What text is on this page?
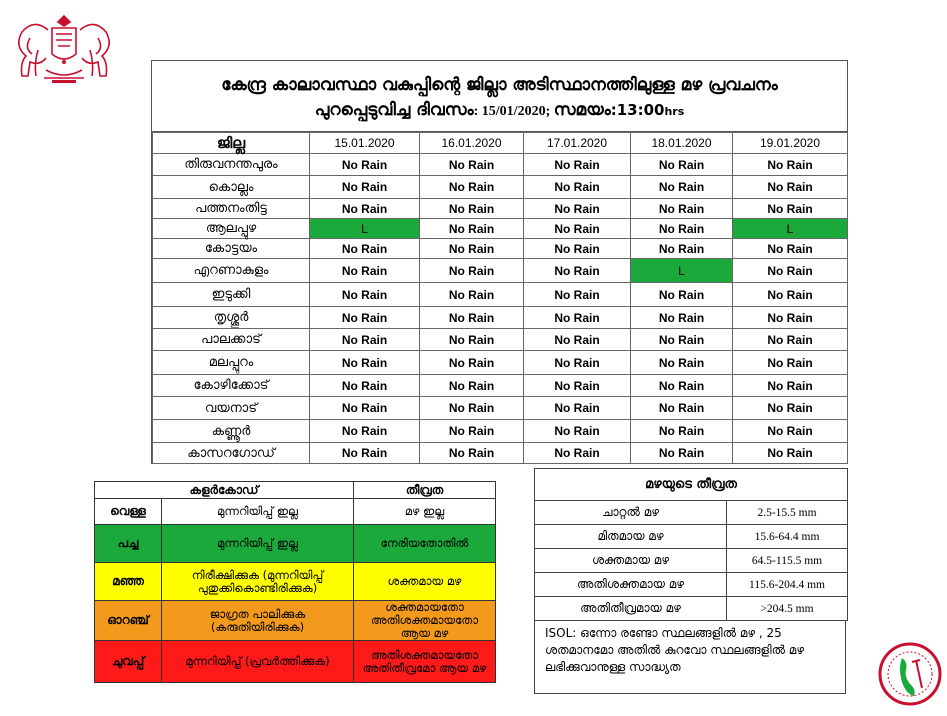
കേന്ദ്ര കാലാവസ്ഥാ വകുപ്പിന്റെ ജില്ലാ അടിസ്ഥാനത്തിലുള്ള മഴ പ്രവചനം
പുറപ്പെടുവിച്ച ദിവസം: 15/01/2020; സമയം:13:00hrs
ജില്ല	15.01.2020	16.01.2020	17.01.2020	18.01.2020	19.01.2020
തിരുവനന്തപുരം	No Rain	No Rain	No Rain	No Rain	No Rain
കൊല്ലം	No Rain	No Rain	No Rain	No Rain	No Rain
പത്തനംതിട്ട	No Rain	No Rain	No Rain	No Rain	No Rain
ആലപ്പുഴ	L	No Rain	No Rain	No Rain	L
കോട്ടയം	No Rain	No Rain	No Rain	No Rain	No Rain
എറണാകുളം	No Rain	No Rain	No Rain	L	No Rain
ഇടുക്കി	No Rain	No Rain	No Rain	No Rain	No Rain
തൃശ്ശൂർ	No Rain	No Rain	No Rain	No Rain	No Rain
പാലക്കാട്	No Rain	No Rain	No Rain	No Rain	No Rain
മലപ്പുറം	No Rain	No Rain	No Rain	No Rain	No Rain
കോഴിക്കോട്	No Rain	No Rain	No Rain	No Rain	No Rain
വയനാട്	No Rain	No Rain	No Rain	No Rain	No Rain
കണ്ണൂർ	No Rain	No Rain	No Rain	No Rain	No Rain
കാസറഗോഡ്	No Rain	No Rain	No Rain	No Rain	No Rain
കളർകോഡ്		തീവ്രത
വെള്ള	മുന്നറിയിപ്പ് ഇല്ല	മഴ ഇല്ല
പച്ച	മുന്നറിയിപ്പ് ഇല്ല	നേരിയതോതിൽ
മഞ്ഞ	നിരീക്ഷിക്കുക (മുന്നറിയിപ്പ് പുതുക്കികൊണ്ടിരിക്കുക)	ശക്തമായ മഴ
ഓറഞ്ച്	ജാഗ്രത പാലിക്കുക (കരുതിയിരിക്കുക)	ശക്തമായതോ അതിശക്തമായതോ ആയ മഴ
ചുവപ്പ്	മുന്നറിയിപ്പ് (പ്രവർത്തിക്കുക)	അതിശക്തമായതോ അതിതീവ്രമോ ആയ മഴ
മഴയുടെ തീവ്രത	
ചാറ്റൽ മഴ	2.5-15.5 mm
മിതമായ മഴ	15.6-64.4 mm
ശക്തമായ മഴ	64.5-115.5 mm
അതിശക്തമായ മഴ	115.6-204.4 mm
അതിതീവ്രമായ മഴ	>204.5 mm
ISOL: ഒന്നോ രണ്ടോ സ്ഥലങ്ങളിൽ മഴ , 25 ശതമാനമോ അതിൽ കുറവോ സ്ഥലങ്ങളിൽ മഴ ലഭിക്കുവാനുള്ള സാദ്ധ്യത
